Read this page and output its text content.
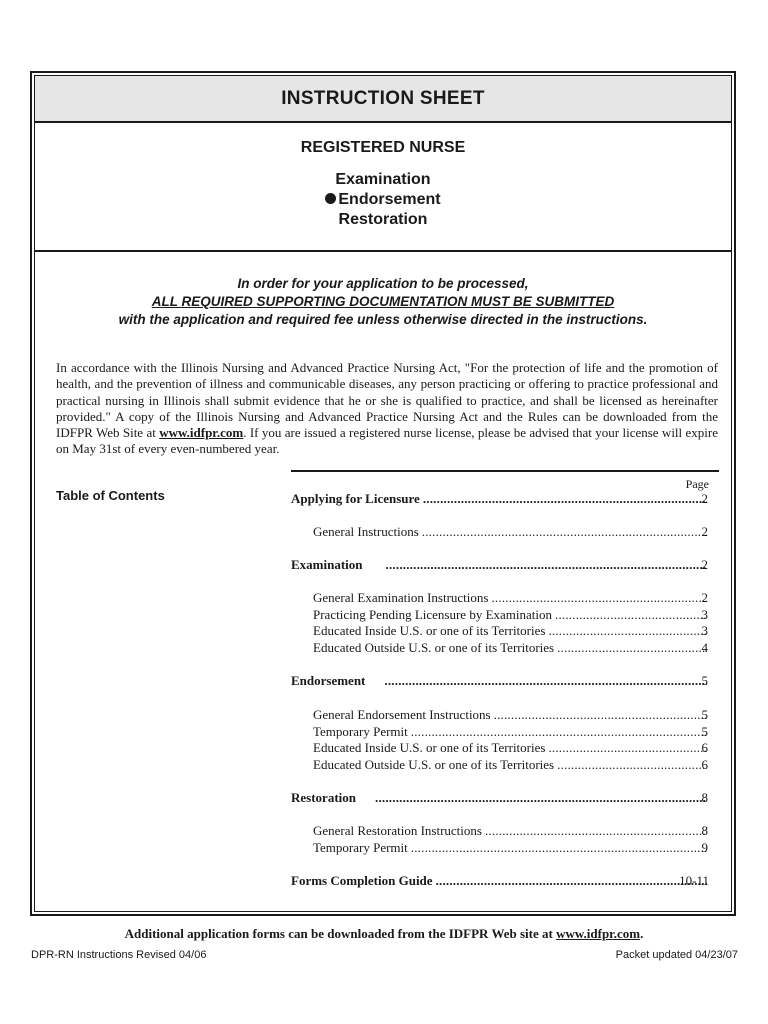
INSTRUCTION SHEET
REGISTERED NURSE
Examination
Endorsement
Restoration
In order for your application to be processed,
ALL REQUIRED SUPPORTING DOCUMENTATION MUST BE SUBMITTED
with the application and required fee unless otherwise directed in the instructions.
In accordance with the Illinois Nursing and Advanced Practice Nursing Act, "For the protection of life and the promotion of health, and the prevention of illness and communicable diseases, any person practicing or offering to practice professional and practical nursing in Illinois shall submit evidence that he or she is qualified to practice, and shall be licensed as hereinafter provided." A copy of the Illinois Nursing and Advanced Practice Nursing Act and the Rules can be downloaded from the IDFPR Web Site at www.idfpr.com. If you are issued a registered nurse license, please be advised that your license will expire on May 31st of every even-numbered year.
Table of Contents
Page
Applying for Licensure .....	2
General Instructions .....	2
Examination .....	2
General Examination Instructions .....	2
Practicing Pending Licensure by Examination .....	3
Educated Inside U.S. or one of its Territories .....	3
Educated Outside U.S. or one of its Territories .....	4
Endorsement .....	5
General Endorsement Instructions .....	5
Temporary Permit .....	5
Educated Inside U.S. or one of its Territories .....	6
Educated Outside U.S. or one of its Territories .....	6
Restoration .....	8
General Restoration Instructions .....	8
Temporary Permit .....	9
Forms Completion Guide .....	10-11
Additional application forms can be downloaded from the IDFPR Web site at www.idfpr.com.
DPR-RN Instructions Revised 04/06	Packet updated 04/23/07
